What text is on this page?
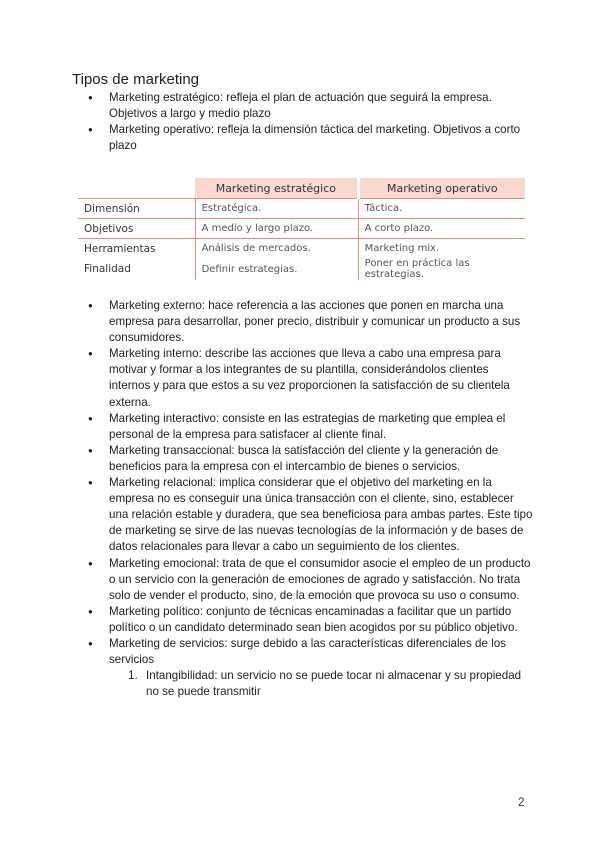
Tipos de marketing
● Marketing estratégico: refleja el plan de actuación que seguirá la empresa. Objetivos a largo y medio plazo
● Marketing operativo: refleja la dimensión táctica del marketing. Objetivos a corto plazo
	Marketing estratégico	Marketing operativo
Dimensión	Estratégica.	Táctica.
Objetivos	A medio y largo plazo.	A corto plazo.
Herramientas	Análisis de mercados.	Marketing mix.
Finalidad	Definir estrategias.	Poner en práctica las estrategias.
● Marketing externo: hace referencia a las acciones que ponen en marcha una empresa para desarrollar, poner precio, distribuir y comunicar un producto a sus consumidores.
● Marketing interno: describe las acciones que lleva a cabo una empresa para motivar y formar a los integrantes de su plantilla, considerándolos clientes internos y para que estos a su vez proporcionen la satisfacción de su clientela externa.
● Marketing interactivo: consiste en las estrategias de marketing que emplea el personal de la empresa para satisfacer al cliente final.
● Marketing transaccional: busca la satisfacción del cliente y la generación de beneficios para la empresa con el intercambio de bienes o servicios.
● Marketing relacional: implica considerar que el objetivo del marketing en la empresa no es conseguir una única transacción con el cliente, sino, establecer una relación estable y duradera, que sea beneficiosa para ambas partes. Este tipo de marketing se sirve de las nuevas tecnologías de la información y de bases de datos relacionales para llevar a cabo un seguimiento de los clientes.
● Marketing emocional: trata de que el consumidor asocie el empleo de un producto o un servicio con la generación de emociones de agrado y satisfacción. No trata solo de vender el producto, sino, de la emoción que provoca su uso o consumo.
● Marketing político: conjunto de técnicas encaminadas a facilitar que un partido político o un candidato determinado sean bien acogidos por su público objetivo.
● Marketing de servicios: surge debido a las características diferenciales de los servicios
1. Intangibilidad: un servicio no se puede tocar ni almacenar y su propiedad no se puede transmitir
2
